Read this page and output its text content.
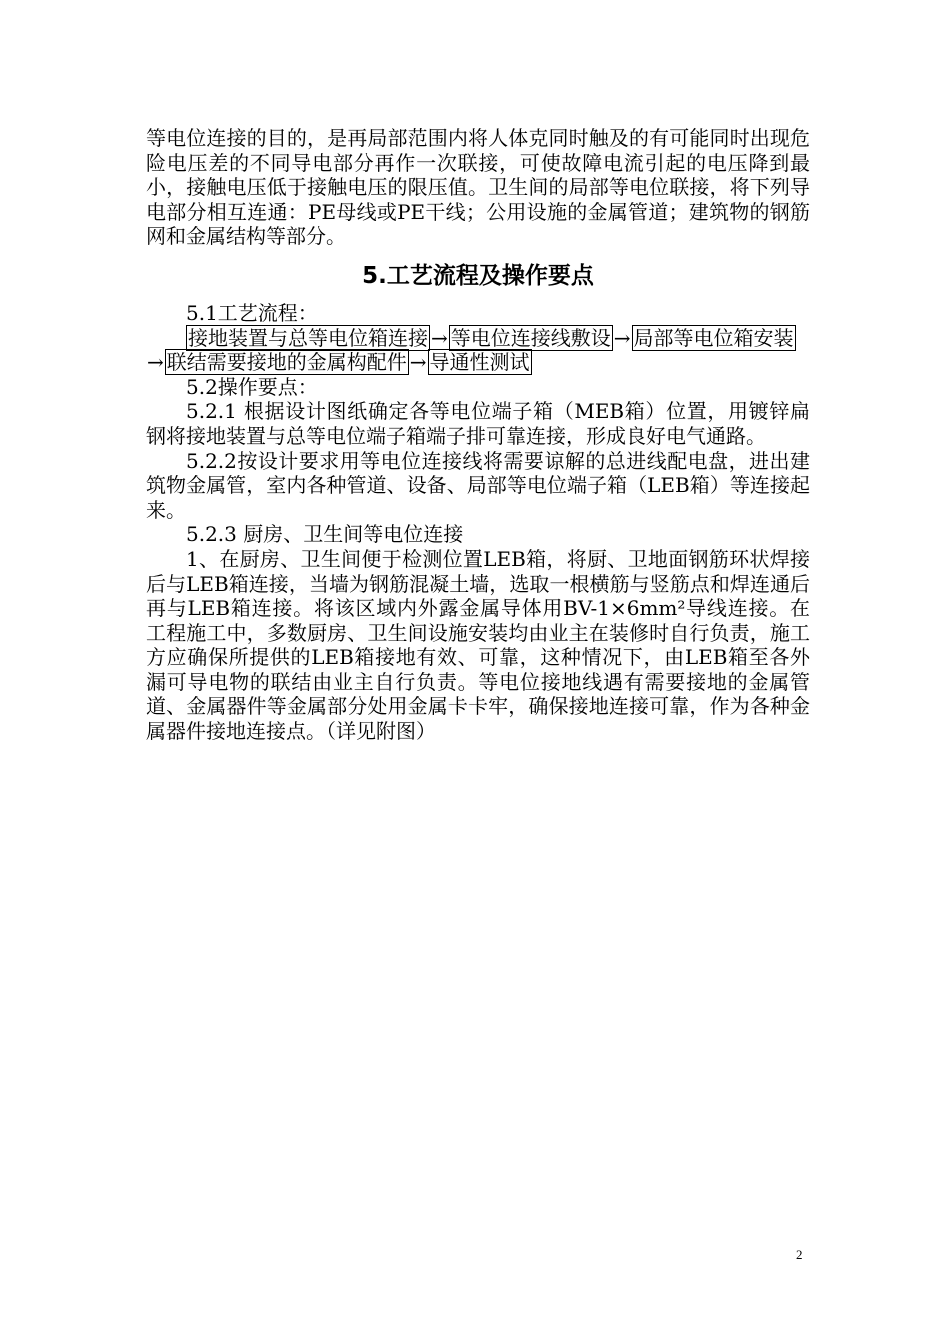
等电位连接的目的，是再局部范围内将人体克同时触及的有可能同时出现危险电压差的不同导电部分再作一次联接，可使故障电流引起的电压降到最小，接触电压低于接触电压的限压值。卫生间的局部等电位联接，将下列导电部分相互连通：PE母线或PE干线；公用设施的金属管道；建筑物的钢筋网和金属结构等部分。

5.工艺流程及操作要点

5.1工艺流程：

接地装置与总等电位箱连接 → 等电位连接线敷设 → 局部等电位箱安装→ 联结需要接地的金属构配件 → 导通性测试

5.2操作要点：

5.2.1 根据设计图纸确定各等电位端子箱（MEB箱）位置，用镀锌扁钢将接地装置与总等电位端子箱端子排可靠连接，形成良好电气通路。

5.2.2按设计要求用等电位连接线将需要谅解的总进线配电盘，进出建筑物金属管，室内各种管道、设备、局部等电位端子箱（LEB箱）等连接起来。

5.2.3 厨房、卫生间等电位连接

1、在厨房、卫生间便于检测位置LEB箱，将厨、卫地面钢筋环状焊接后与LEB箱连接，当墙为钢筋混凝土墙，选取一根横筋与竖筋点和焊连通后再与LEB箱连接。将该区域内外露金属导体用BV-1×6mm²导线连接。在工程施工中，多数厨房、卫生间设施安装均由业主在装修时自行负责，施工方应确保所提供的LEB箱接地有效、可靠，这种情况下，由LEB箱至各外漏可导电物的联结由业主自行负责。等电位接地线遇有需要接地的金属管道、金属器件等金属部分处用金属卡卡牢，确保接地连接可靠，作为各种金属器件接地连接点。（详见附图）

2
